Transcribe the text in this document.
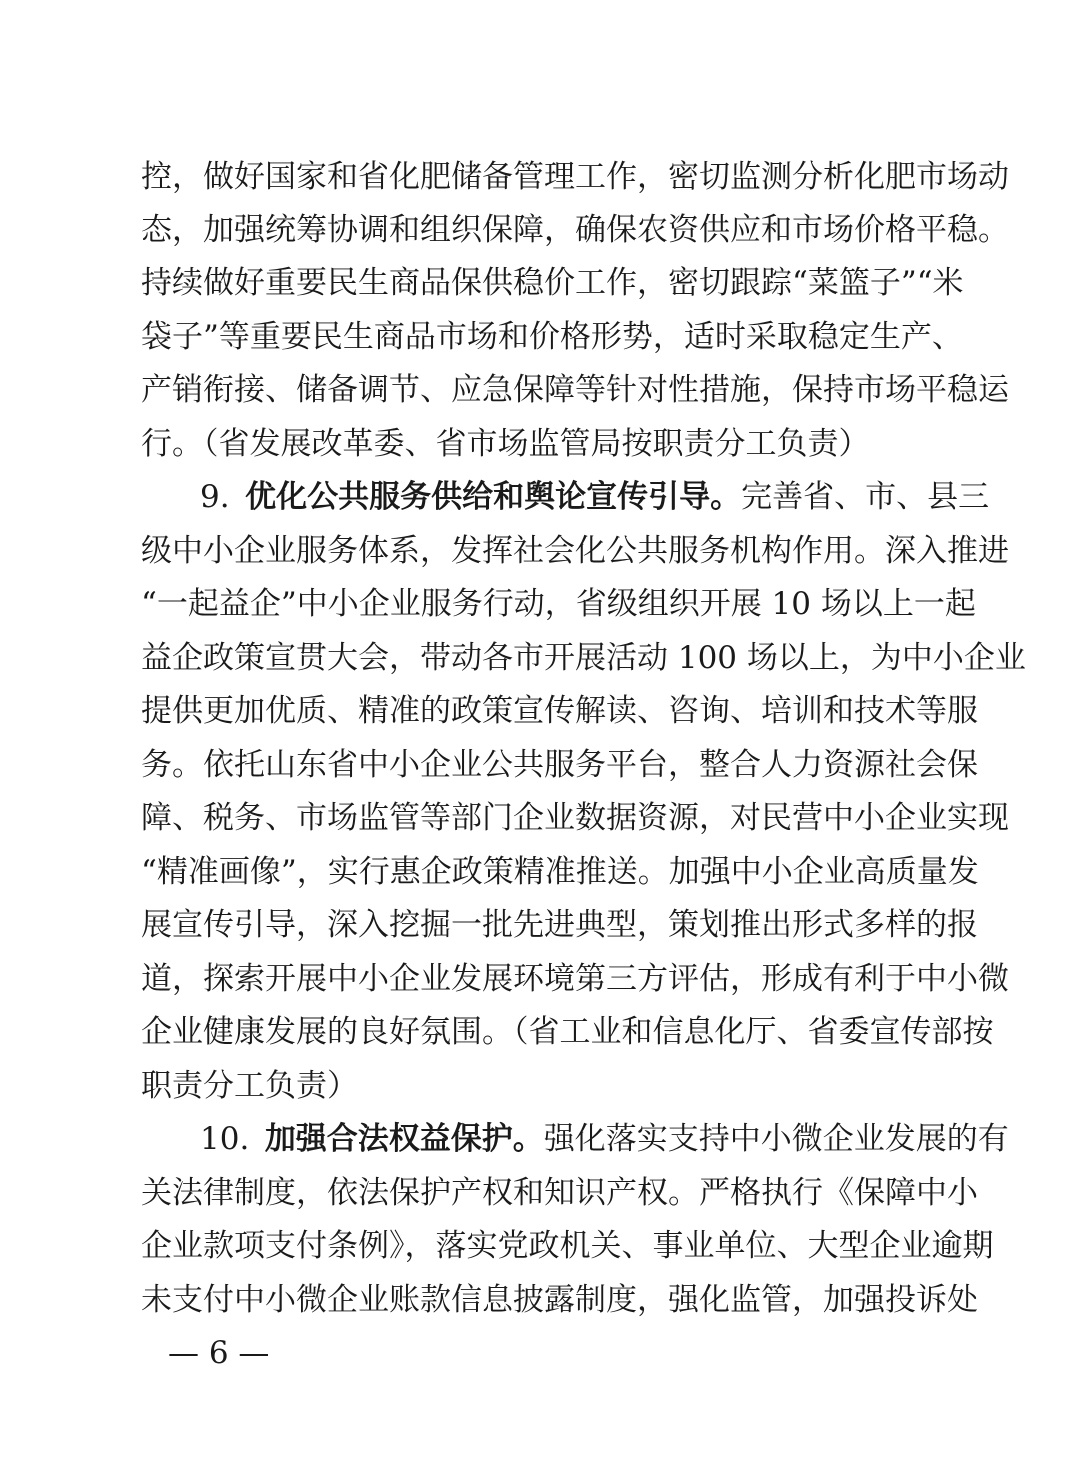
控，做好国家和省化肥储备管理工作，密切监测分析化肥市场动
态，加强统筹协调和组织保障，确保农资供应和市场价格平稳。
持续做好重要民生商品保供稳价工作，密切跟踪“菜篮子”“米
袋子”等重要民生商品市场和价格形势，适时采取稳定生产、
产销衔接、储备调节、应急保障等针对性措施，保持市场平稳运
行。（省发展改革委、省市场监管局按职责分工负责）
9.  优化公共服务供给和舆论宣传引导。完善省、市、县三
级中小企业服务体系，发挥社会化公共服务机构作用。深入推进
“一起益企”中小企业服务行动，省级组织开展 10 场以上一起
益企政策宣贯大会，带动各市开展活动 100 场以上，为中小企业
提供更加优质、精准的政策宣传解读、咨询、培训和技术等服
务。依托山东省中小企业公共服务平台，整合人力资源社会保
障、税务、市场监管等部门企业数据资源，对民营中小企业实现
“精准画像”，实行惠企政策精准推送。加强中小企业高质量发
展宣传引导，深入挖掘一批先进典型，策划推出形式多样的报
道，探索开展中小企业发展环境第三方评估，形成有利于中小微
企业健康发展的良好氛围。（省工业和信息化厅、省委宣传部按
职责分工负责）
10.  加强合法权益保护。强化落实支持中小微企业发展的有
关法律制度，依法保护产权和知识产权。严格执行《保障中小
企业款项支付条例》，落实党政机关、事业单位、大型企业逾期
未支付中小微企业账款信息披露制度，强化监管，加强投诉处
— 6 —
